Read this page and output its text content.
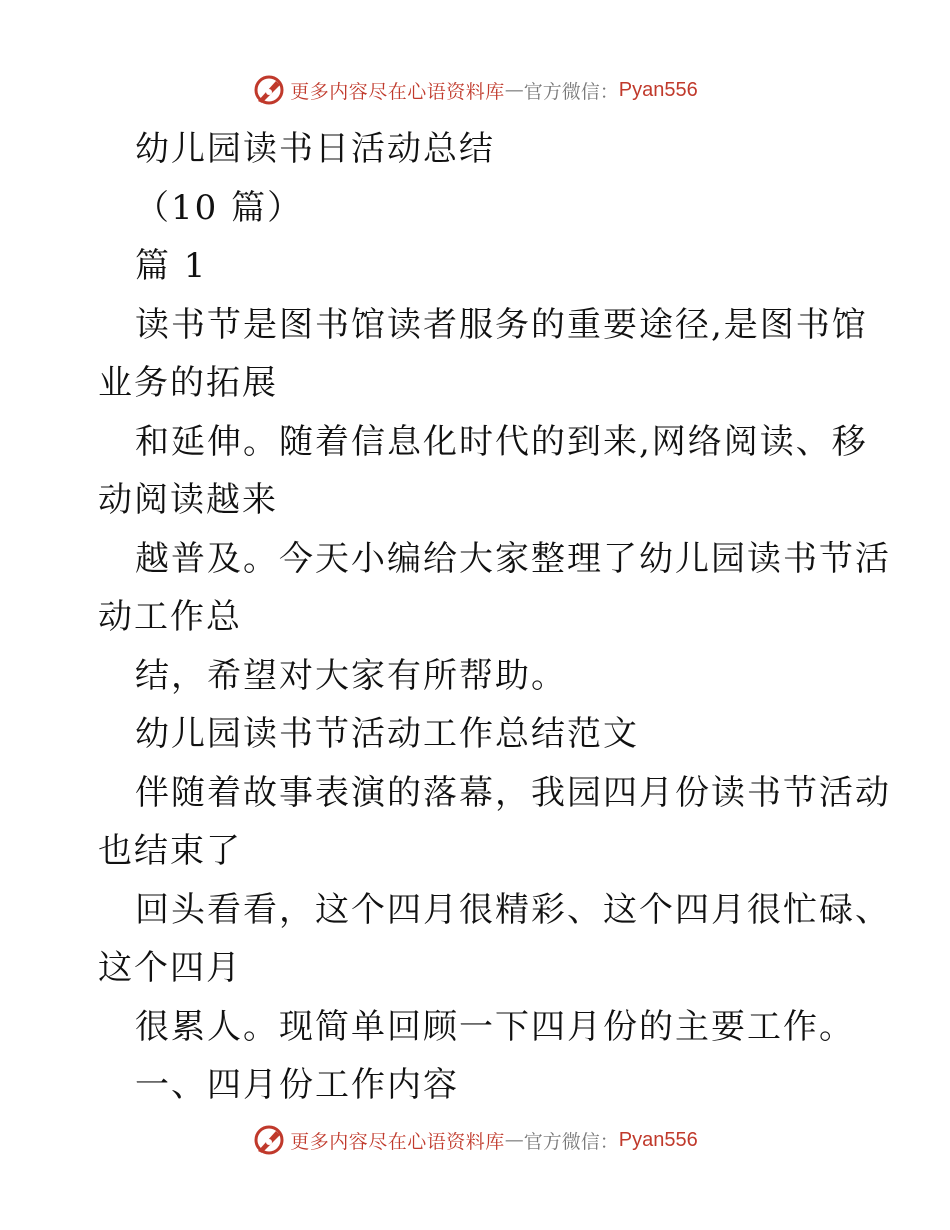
更多内容尽在心语资料库 — 官方微信： Pyan556
幼儿园读书日活动总结
（10 篇）
篇 1
读书节是图书馆读者服务的重要途径,是图书馆
业务的拓展
和延伸。随着信息化时代的到来,网络阅读、移
动阅读越来
越普及。今天小编给大家整理了幼儿园读书节活
动工作总
结，希望对大家有所帮助。
幼儿园读书节活动工作总结范文
伴随着故事表演的落幕，我园四月份读书节活动
也结束了
回头看看，这个四月很精彩、这个四月很忙碌、
这个四月
很累人。现简单回顾一下四月份的主要工作。
一、四月份工作内容
更多内容尽在心语资料库 — 官方微信： Pyan556
